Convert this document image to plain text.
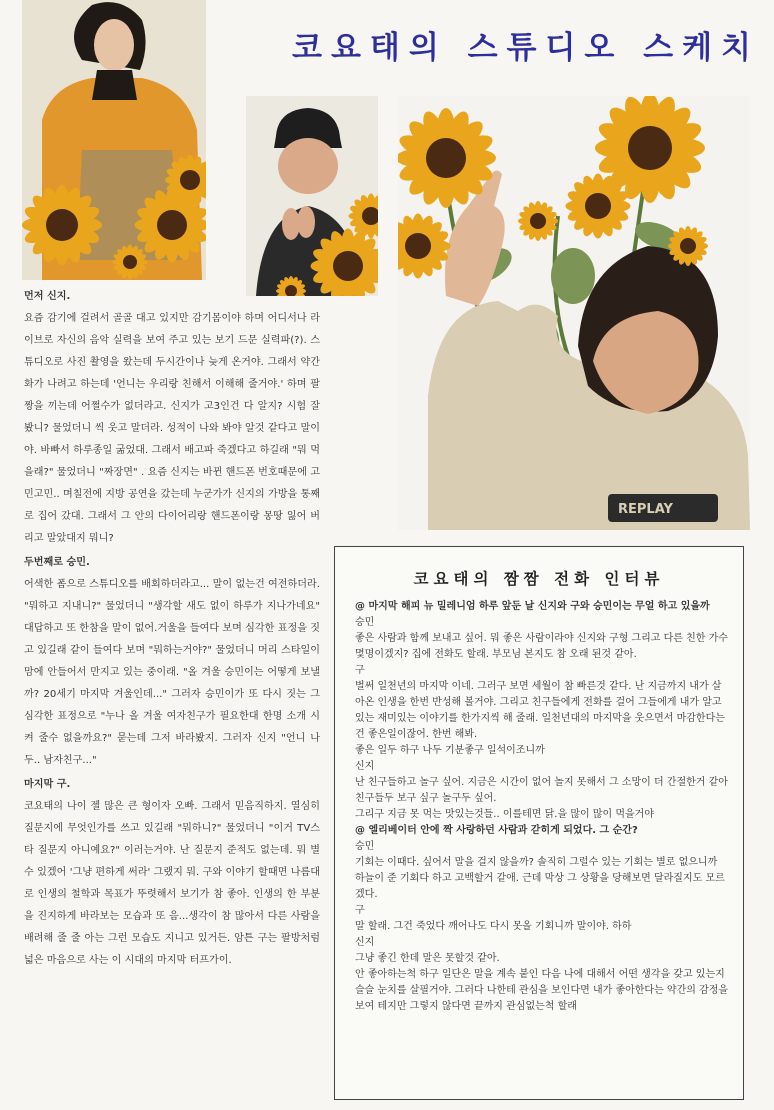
코요태의 스튜디오 스케치
REPLAY

먼저 신지.

요즘 감기에 걸려서 골골 대고 있지만 감기몸이야 하며 어디서나 라이브로 자신의 음악 실력을 보여 주고 있는 보기 드문 실력파(?). 스튜디오로 사진 촬영을 왔는데 두시간이나 늦게 온거야. 그래서 약간 화가 나려고 하는데 '언니는 우리랑 친해서 이해해 줄거야.' 하며 팔짱을 끼는데 어쩔수가 없더라고. 신지가 고3인건 다 알지? 시험 잘 봤니? 물었더니 씩 웃고 말더라. 성적이 나와 봐야 알것 같다고 말이야. 바빠서 하루종일 굶었대. 그래서 배고파 죽겠다고 하길래 "뭐 먹을래?" 물었더니 "짜장면" . 요즘 신지는 바뀐 핸드폰 번호때문에 고민고민.. 며칠전에 지방 공연을 갔는데 누군가가 신지의 가방을 통째로 집어 갔대. 그래서 그 안의 다이어리랑 핸드폰이랑 몽땅 잃어 버리고 말았대지 뭐니?

두번째로 승민.

어색한 폼으로 스튜디오를 배회하더라고... 말이 없는건 여전하더라. "뭐하고 지내니?" 물었더니 "생각할 새도 없이 하루가 지나가네요" 대답하고 또 한참을 말이 없어.거울을 들여다 보며 심각한 표정을 짓고 있길래 같이 들여다 보며 "뭐하는거야?" 물었더니 머리 스타일이 맘에 안들어서 만지고 있는 중이래. "올 겨울 승민이는 어떻게 보낼까? 20세기 마지막 겨울인데..." 그러자 승민이가 또 다시 짓는 그 심각한 표정으로 "누나 올 겨울 여자친구가 필요한대 한명 소개 시켜 줄수 없을까요?" 묻는데 그저 바라봤지. 그러자 신지 "언니 나두.. 남자친구..."

마지막 구.

코요태의 나이 젤 많은 큰 형이자 오빠. 그래서 믿음직하지. 열심히 질문지에 무엇인가를 쓰고 있길래 "뭐하니?" 물었더니 "이거 TV스타 질문지 아니예요?" 이러는거야. 난 질문지 준적도 없는데. 뭐 별수 있겠어 '그냥 편하게 써라' 그랬지 뭐. 구와 이야기 할때면 나름대로 인생의 철학과 목표가 뚜렷해서 보기가 참 좋아. 인생의 한 부분을 진지하게 바라보는 모습과 또 음...생각이 참 많아서 다른 사람을 배려해 줄 줄 아는 그런 모습도 지니고 있거든. 암튼 구는 팔방처럼 넓은 마음으로 사는 이 시대의 마지막 터프가이.

코요태의 짬짬 전화 인터뷰

@ 마지막 해피 뉴 밀레니엄 하루 앞둔 날 신지와 구와 승민이는 무얼 하고 있을까

승민

좋은 사람과 함께 보내고 싶어. 뭐 좋은 사람이라야 신지와 구형 그리고 다른 친한 가수 몇명이겠지? 집에 전화도 할래. 부모님 본지도 참 오래 된것 같아.

구

벌써 일천년의 마지막 이네. 그러구 보면 세월이 참 빠른것 같다. 난 지금까지 내가 살아온 인생을 한번 반성해 볼거야. 그리고 친구들에게 전화를 걸어 그들에게 내가 알고 있는 재미있는 이야기를 한가지씩 해 줄래. 일천년대의 마지막을 웃으면서 마감한다는건 좋은일이잖어. 한번 해봐.

좋은 일두 하구 나두 기분좋구 일석이조니까

신지

난 친구들하고 놀구 싶어. 지금은 시간이 없어 놀지 못해서 그 소망이 더 간절한거 같아

친구들두 보구 싶구 놀구두 싶어.

그리구 지금 못 먹는 맛있는것들.. 이를테면 닭.을 많이 많이 먹을거야

@ 엘리베이터 안에 짝 사랑하던 사람과 갇히게 되었다. 그 순간?

승민

기회는 이때다. 싶어서 말을 걸지 않을까? 솔직히 그럴수 있는 기회는 별로 없으니까 하늘이 준 기회다 하고 고백할거 같애. 근데 막상 그 상황을 당해보면 달라질지도 모르겠다.

구

말 할래. 그건 죽었다 깨어나도 다시 못올 기회니까 말이야. 하하

신지

그냥 좋긴 한데 말은 못할것 같아.

안 좋아하는척 하구 일단은 말을 계속 붙인 다음 나에 대해서 어떤 생각을 갖고 있는지 슬슬 눈치를 살필거야. 그러다 나한테 관심을 보인다면 내가 좋아한다는 약간의 감정을 보여 테지만 그렇지 않다면 끝까지 관심없는척 할래
